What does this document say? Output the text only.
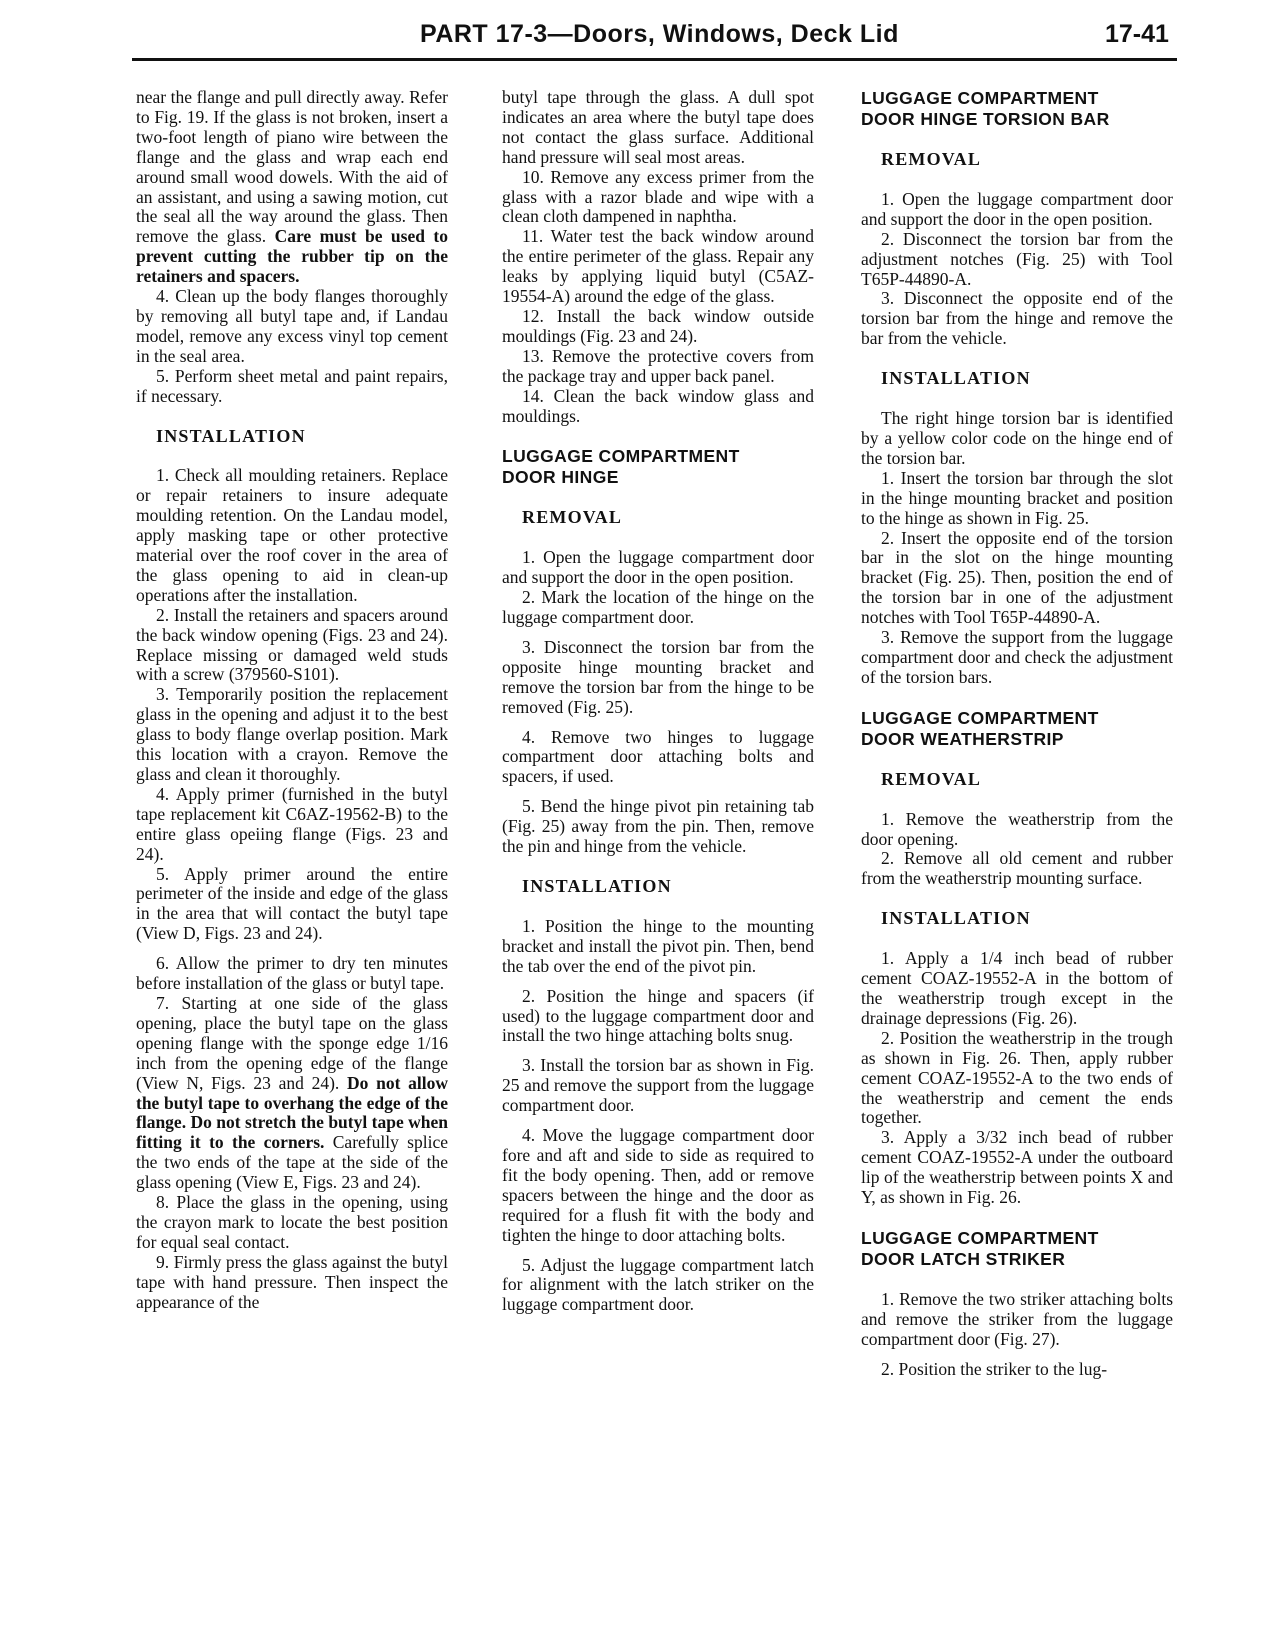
PART 17-3—Doors, Windows, Deck Lid	17-41

near the flange and pull directly away. Refer to Fig. 19. If the glass is not broken, insert a two-foot length of piano wire between the flange and the glass and wrap each end around small wood dowels. With the aid of an assistant, and using a sawing motion, cut the seal all the way around the glass. Then remove the glass. Care must be used to prevent cutting the rubber tip on the retainers and spacers.

4. Clean up the body flanges thoroughly by removing all butyl tape and, if Landau model, remove any excess vinyl top cement in the seal area.

5. Perform sheet metal and paint repairs, if necessary.

INSTALLATION

1. Check all moulding retainers. Replace or repair retainers to insure adequate moulding retention. On the Landau model, apply masking tape or other protective material over the roof cover in the area of the glass opening to aid in clean-up operations after the installation.

2. Install the retainers and spacers around the back window opening (Figs. 23 and 24). Replace missing or damaged weld studs with a screw (379560-S101).

3. Temporarily position the replacement glass in the opening and adjust it to the best glass to body flange overlap position. Mark this location with a crayon. Remove the glass and clean it thoroughly.

4. Apply primer (furnished in the butyl tape replacement kit C6AZ-19562-B) to the entire glass opeiing flange (Figs. 23 and 24).

5. Apply primer around the entire perimeter of the inside and edge of the glass in the area that will contact the butyl tape (View D, Figs. 23 and 24).

6. Allow the primer to dry ten minutes before installation of the glass or butyl tape.

7. Starting at one side of the glass opening, place the butyl tape on the glass opening flange with the sponge edge 1/16 inch from the opening edge of the flange (View N, Figs. 23 and 24). Do not allow the butyl tape to overhang the edge of the flange. Do not stretch the butyl tape when fitting it to the corners. Carefully splice the two ends of the tape at the side of the glass opening (View E, Figs. 23 and 24).

8. Place the glass in the opening, using the crayon mark to locate the best position for equal seal contact.

9. Firmly press the glass against the butyl tape with hand pressure. Then inspect the appearance of the

butyl tape through the glass. A dull spot indicates an area where the butyl tape does not contact the glass surface. Additional hand pressure will seal most areas.

10. Remove any excess primer from the glass with a razor blade and wipe with a clean cloth dampened in naphtha.

11. Water test the back window around the entire perimeter of the glass. Repair any leaks by applying liquid butyl (C5AZ-19554-A) around the edge of the glass.

12. Install the back window outside mouldings (Fig. 23 and 24).

13. Remove the protective covers from the package tray and upper back panel.

14. Clean the back window glass and mouldings.

LUGGAGE COMPARTMENT
DOOR HINGE
REMOVAL

1. Open the luggage compartment door and support the door in the open position.

2. Mark the location of the hinge on the luggage compartment door.

3. Disconnect the torsion bar from the opposite hinge mounting bracket and remove the torsion bar from the hinge to be removed (Fig. 25).

4. Remove two hinges to luggage compartment door attaching bolts and spacers, if used.

5. Bend the hinge pivot pin retaining tab (Fig. 25) away from the pin. Then, remove the pin and hinge from the vehicle.

INSTALLATION

1. Position the hinge to the mounting bracket and install the pivot pin. Then, bend the tab over the end of the pivot pin.

2. Position the hinge and spacers (if used) to the luggage compartment door and install the two hinge attaching bolts snug.

3. Install the torsion bar as shown in Fig. 25 and remove the support from the luggage compartment door.

4. Move the luggage compartment door fore and aft and side to side as required to fit the body opening. Then, add or remove spacers between the hinge and the door as required for a flush fit with the body and tighten the hinge to door attaching bolts.

5. Adjust the luggage compartment latch for alignment with the latch striker on the luggage compartment door.

LUGGAGE COMPARTMENT
DOOR HINGE TORSION BAR
REMOVAL

1. Open the luggage compartment door and support the door in the open position.

2. Disconnect the torsion bar from the adjustment notches (Fig. 25) with Tool T65P-44890-A.

3. Disconnect the opposite end of the torsion bar from the hinge and remove the bar from the vehicle.

INSTALLATION

The right hinge torsion bar is identified by a yellow color code on the hinge end of the torsion bar.

1. Insert the torsion bar through the slot in the hinge mounting bracket and position to the hinge as shown in Fig. 25.

2. Insert the opposite end of the torsion bar in the slot on the hinge mounting bracket (Fig. 25). Then, position the end of the torsion bar in one of the adjustment notches with Tool T65P-44890-A.

3. Remove the support from the luggage compartment door and check the adjustment of the torsion bars.

LUGGAGE COMPARTMENT
DOOR WEATHERSTRIP
REMOVAL

1. Remove the weatherstrip from the door opening.

2. Remove all old cement and rubber from the weatherstrip mounting surface.

INSTALLATION

1. Apply a 1/4 inch bead of rubber cement COAZ-19552-A in the bottom of the weatherstrip trough except in the drainage depressions (Fig. 26).

2. Position the weatherstrip in the trough as shown in Fig. 26. Then, apply rubber cement COAZ-19552-A to the two ends of the weatherstrip and cement the ends together.

3. Apply a 3/32 inch bead of rubber cement COAZ-19552-A under the outboard lip of the weatherstrip between points X and Y, as shown in Fig. 26.

LUGGAGE COMPARTMENT
DOOR LATCH STRIKER

1. Remove the two striker attaching bolts and remove the striker from the luggage compartment door (Fig. 27).

2. Position the striker to the lug-
